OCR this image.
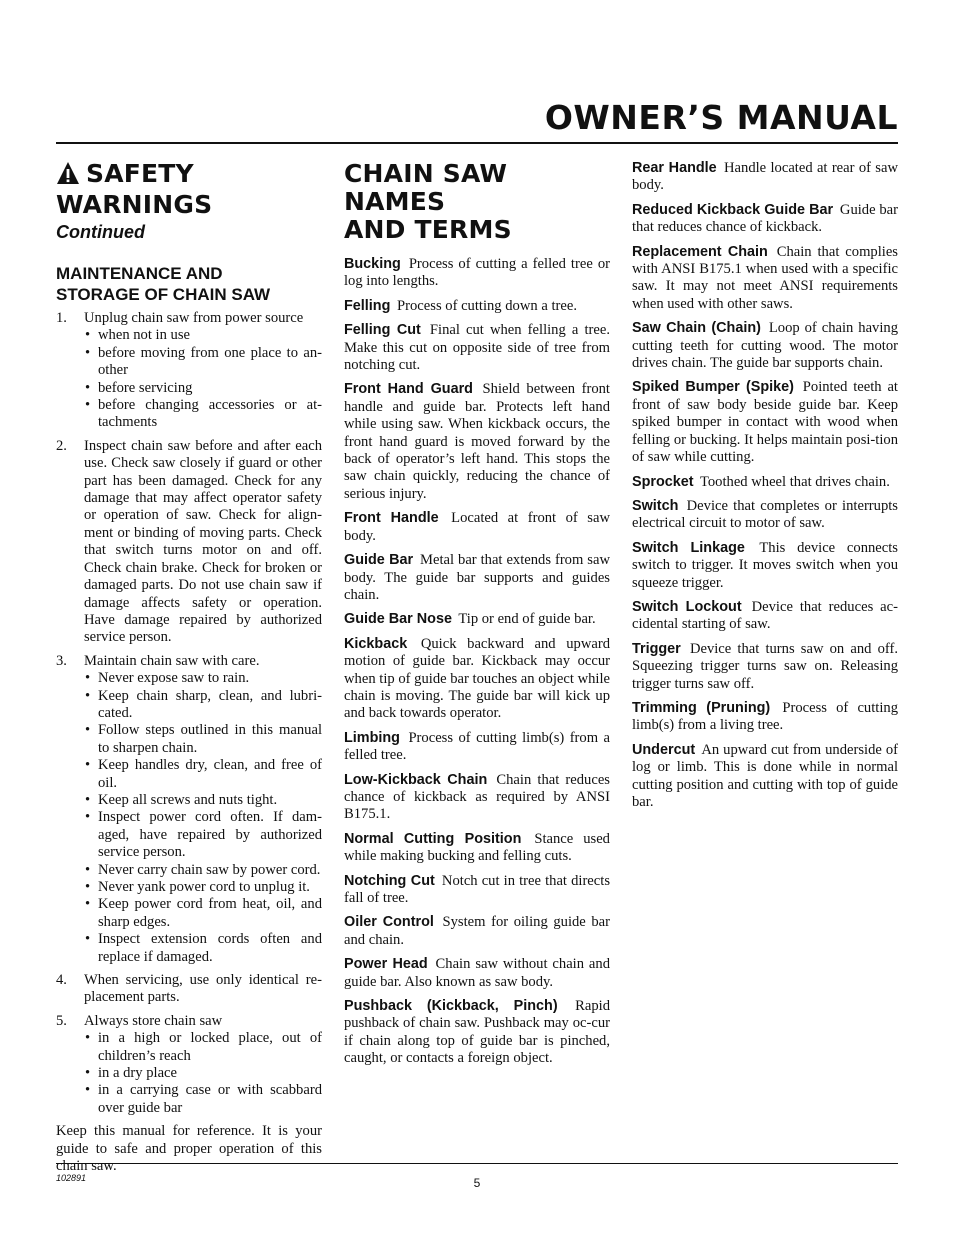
OWNER’S MANUAL
SAFETY
WARNINGS
Continued
MAINTENANCE AND
STORAGE OF CHAIN SAW
1. Unplug chain saw from power source
• when not in use
• before moving from one place to an-other
• before servicing
• before changing accessories or at-tachments
2. Inspect chain saw before and after each use. Check saw closely if guard or other part has been damaged. Check for any damage that may affect operator safety or operation of saw. Check for align-ment or binding of moving parts. Check that switch turns motor on and off. Check chain brake. Check for broken or damaged parts. Do not use chain saw if damage affects safety or operation. Have damage repaired by authorized service person.
3. Maintain chain saw with care.
• Never expose saw to rain.
• Keep chain sharp, clean, and lubri-cated.
• Follow steps outlined in this manual to sharpen chain.
• Keep handles dry, clean, and free of oil.
• Keep all screws and nuts tight.
• Inspect power cord often. If dam-aged, have repaired by authorized service person.
• Never carry chain saw by power cord.
• Never yank power cord to unplug it.
• Keep power cord from heat, oil, and sharp edges.
• Inspect extension cords often and replace if damaged.
4. When servicing, use only identical re-placement parts.
5. Always store chain saw
• in a high or locked place, out of children’s reach
• in a dry place
• in a carrying case or with scabbard over guide bar

Keep this manual for reference. It is your guide to safe and proper operation of this chain saw.

CHAIN SAW NAMES
AND TERMS

Bucking Process of cutting a felled tree or log into lengths.

Felling Process of cutting down a tree.

Felling Cut Final cut when felling a tree. Make this cut on opposite side of tree from notching cut.

Front Hand Guard Shield between front handle and guide bar. Protects left hand while using saw. When kickback occurs, the front hand guard is moved forward by the back of operator’s left hand. This stops the saw chain quickly, reducing the chance of serious injury.

Front Handle Located at front of saw body.

Guide Bar Metal bar that extends from saw body. The guide bar supports and guides chain.

Guide Bar Nose Tip or end of guide bar.

Kickback Quick backward and upward motion of guide bar. Kickback may occur when tip of guide bar touches an object while chain is moving. The guide bar will kick up and back towards operator.

Limbing Process of cutting limb(s) from a felled tree.

Low-Kickback Chain Chain that reduces chance of kickback as required by ANSI B175.1.

Normal Cutting Position Stance used while making bucking and felling cuts.

Notching Cut Notch cut in tree that directs fall of tree.

Oiler Control System for oiling guide bar and chain.

Power Head Chain saw without chain and guide bar. Also known as saw body.

Pushback (Kickback, Pinch) Rapid pushback of chain saw. Pushback may oc-cur if chain along top of guide bar is pinched, caught, or contacts a foreign object.

Rear Handle Handle located at rear of saw body.

Reduced Kickback Guide Bar Guide bar that reduces chance of kickback.

Replacement Chain Chain that complies with ANSI B175.1 when used with a specific saw. It may not meet ANSI requirements when used with other saws.

Saw Chain (Chain) Loop of chain having cutting teeth for cutting wood. The motor drives chain. The guide bar supports chain.

Spiked Bumper (Spike) Pointed teeth at front of saw body beside guide bar. Keep spiked bumper in contact with wood when felling or bucking. It helps maintain posi-tion of saw while cutting.

Sprocket Toothed wheel that drives chain.

Switch Device that completes or interrupts electrical circuit to motor of saw.

Switch Linkage This device connects switch to trigger. It moves switch when you squeeze trigger.

Switch Lockout Device that reduces ac-cidental starting of saw.

Trigger Device that turns saw on and off. Squeezing trigger turns saw on. Releasing trigger turns saw off.

Trimming (Pruning) Process of cutting limb(s) from a living tree.

Undercut An upward cut from underside of log or limb. This is done while in normal cutting position and cutting with top of guide bar.

102891	5
